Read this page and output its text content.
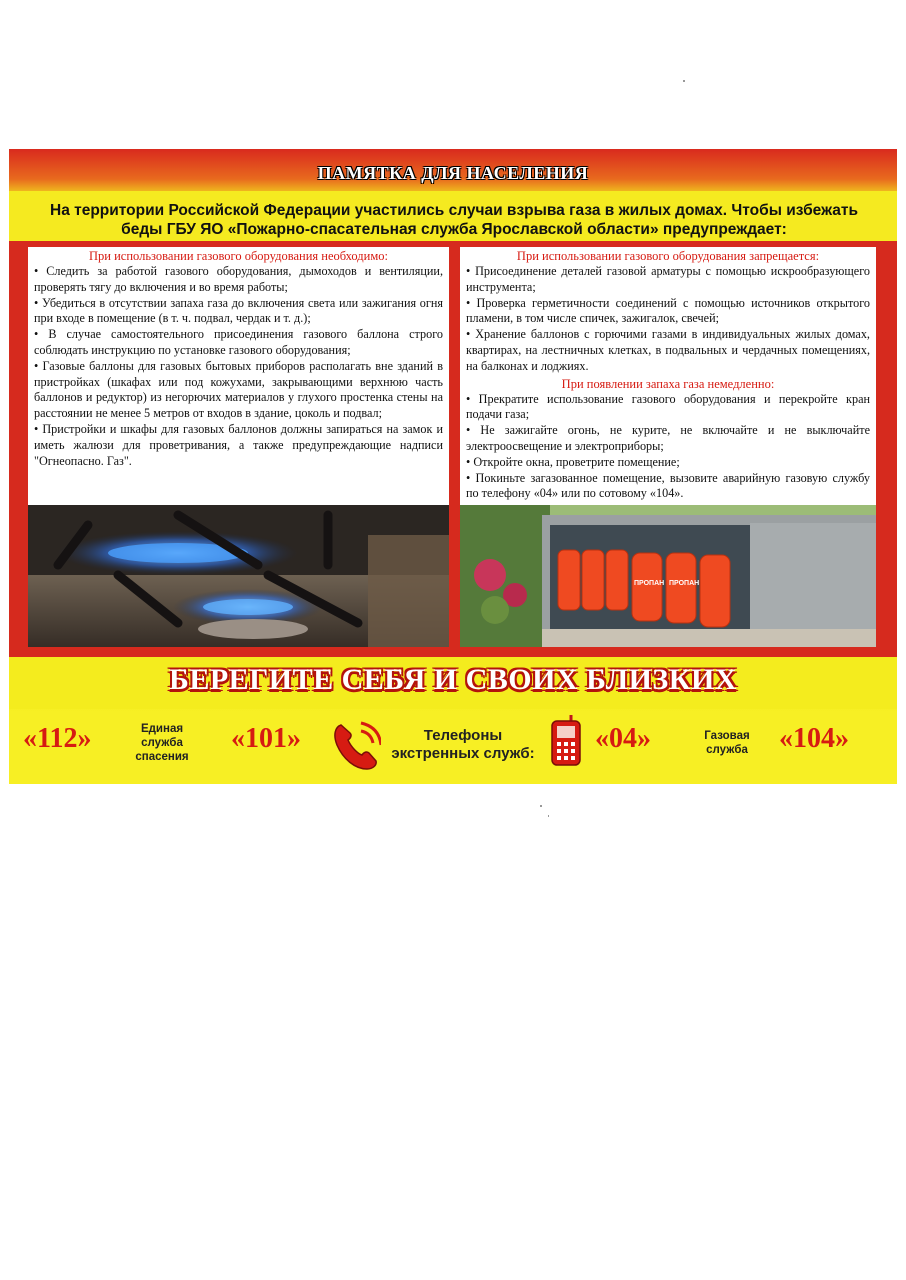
ПАМЯТКА ДЛЯ НАСЕЛЕНИЯ
На территории Российской Федерации участились случаи взрыва газа в жилых домах. Чтобы избежать беды ГБУ ЯО «Пожарно-спасательная служба Ярославской области» предупреждает:
При использовании газового оборудования необходимо:
• Следить за работой газового оборудования, дымоходов и вентиляции, проверять тягу до включения и во время работы;
• Убедиться в отсутствии запаха газа до включения света или зажигания огня при входе в помещение (в т. ч. подвал, чердак и т. д.);
• В случае самостоятельного присоединения газового баллона строго соблюдать инструкцию по установке газового оборудования;
• Газовые баллоны для газовых бытовых приборов располагать вне зданий в пристройках (шкафах или под кожухами, закрывающими верхнюю часть баллонов и редуктор) из негорючих материалов у глухого простенка стены на расстоянии не менее 5 метров от входов в здание, цоколь и подвал;
• Пристройки и шкафы для газовых баллонов должны запираться на замок и иметь жалюзи для проветривания, а также предупреждающие надписи "Огнеопасно. Газ".
При использовании газового оборудования запрещается:
• Присоединение деталей газовой арматуры с помощью искрообразующего инструмента;
• Проверка герметичности соединений с помощью источников открытого пламени, в том числе спичек, зажигалок, свечей;
• Хранение баллонов с горючими газами в индивидуальных жилых домах, квартирах, на лестничных клетках, в подвальных и чердачных помещениях, на балконах и лоджиях.
При появлении запаха газа немедленно:
• Прекратите использование газового оборудования и перекройте кран подачи газа;
• Не зажигайте огонь, не курите, не включайте и не выключайте электроосвещение и электроприборы;
• Откройте окна, проветрите помещение;
• Покиньте загазованное помещение, вызовите аварийную газовую службу по телефону «04» или по сотовому «104».
ПРОПАН ПРОПАН
БЕРЕГИТЕ СЕБЯ И СВОИХ БЛИЗКИХ
«112»	Единая
служба
спасения
«101»	Телефоны
экстренных служб: «04»	Газовая
служба	«104»
